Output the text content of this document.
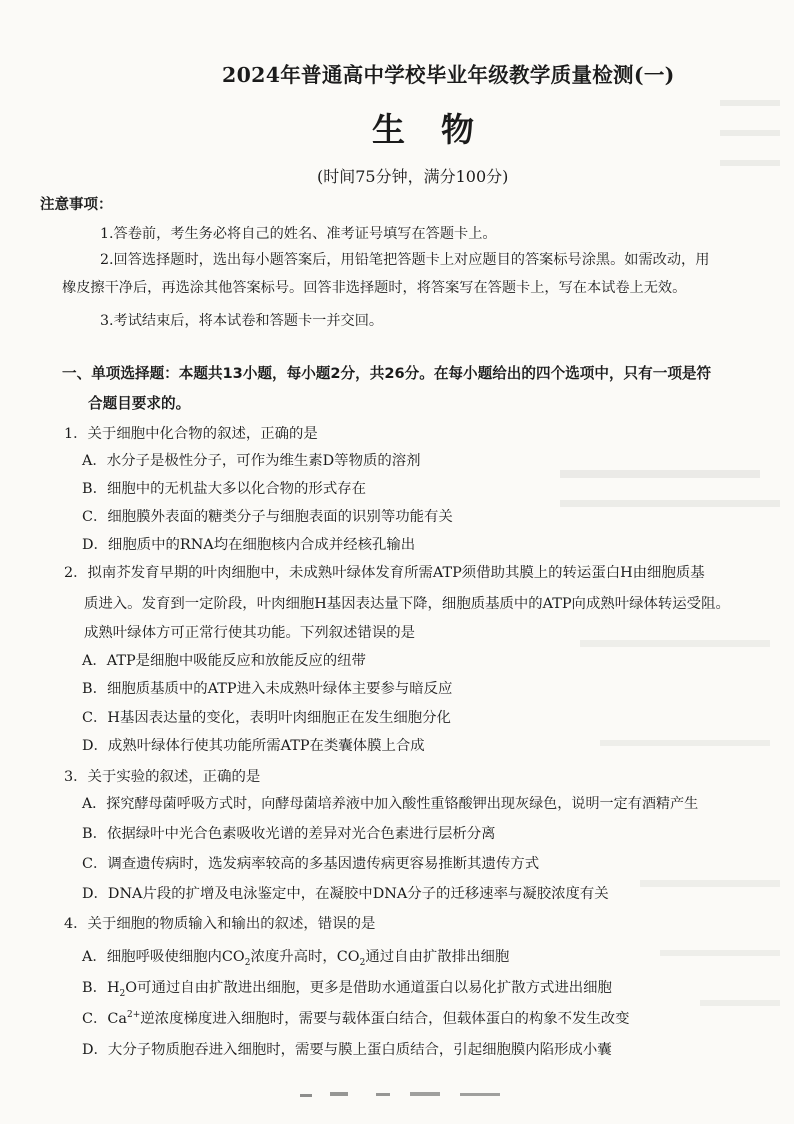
2024年普通高中学校毕业年级教学质量检测(一)
生物
(时间75分钟，满分100分)
注意事项：
1.答卷前，考生务必将自己的姓名、准考证号填写在答题卡上。
2.回答选择题时，选出每小题答案后，用铅笔把答题卡上对应题目的答案标号涂黑。如需改动，用
橡皮擦干净后，再选涂其他答案标号。回答非选择题时，将答案写在答题卡上，写在本试卷上无效。
3.考试结束后，将本试卷和答题卡一并交回。
一、单项选择题：本题共13小题，每小题2分，共26分。在每小题给出的四个选项中，只有一项是符
合题目要求的。
1．关于细胞中化合物的叙述，正确的是
A．水分子是极性分子，可作为维生素D等物质的溶剂
B．细胞中的无机盐大多以化合物的形式存在
C．细胞膜外表面的糖类分子与细胞表面的识别等功能有关
D．细胞质中的RNA均在细胞核内合成并经核孔输出
2．拟南芥发育早期的叶肉细胞中，未成熟叶绿体发育所需ATP须借助其膜上的转运蛋白H由细胞质基
质进入。发育到一定阶段，叶肉细胞H基因表达量下降，细胞质基质中的ATP向成熟叶绿体转运受阻。
成熟叶绿体方可正常行使其功能。下列叙述错误的是
A．ATP是细胞中吸能反应和放能反应的纽带
B．细胞质基质中的ATP进入未成熟叶绿体主要参与暗反应
C．H基因表达量的变化，表明叶肉细胞正在发生细胞分化
D．成熟叶绿体行使其功能所需ATP在类囊体膜上合成
3．关于实验的叙述，正确的是
A．探究酵母菌呼吸方式时，向酵母菌培养液中加入酸性重铬酸钾出现灰绿色，说明一定有酒精产生
B．依据绿叶中光合色素吸收光谱的差异对光合色素进行层析分离
C．调查遗传病时，选发病率较高的多基因遗传病更容易推断其遗传方式
D．DNA片段的扩增及电泳鉴定中，在凝胶中DNA分子的迁移速率与凝胶浓度有关
4．关于细胞的物质输入和输出的叙述，错误的是
A．细胞呼吸使细胞内$CO_2$浓度升高时，$CO_2$通过自由扩散排出细胞
B．$H_2O$可通过自由扩散进出细胞，更多是借助水通道蛋白以易化扩散方式进出细胞
C．$Ca^{2+}$逆浓度梯度进入细胞时，需要与载体蛋白结合，但载体蛋白的构象不发生改变
D．大分子物质胞吞进入细胞时，需要与膜上蛋白质结合，引起细胞膜内陷形成小囊
